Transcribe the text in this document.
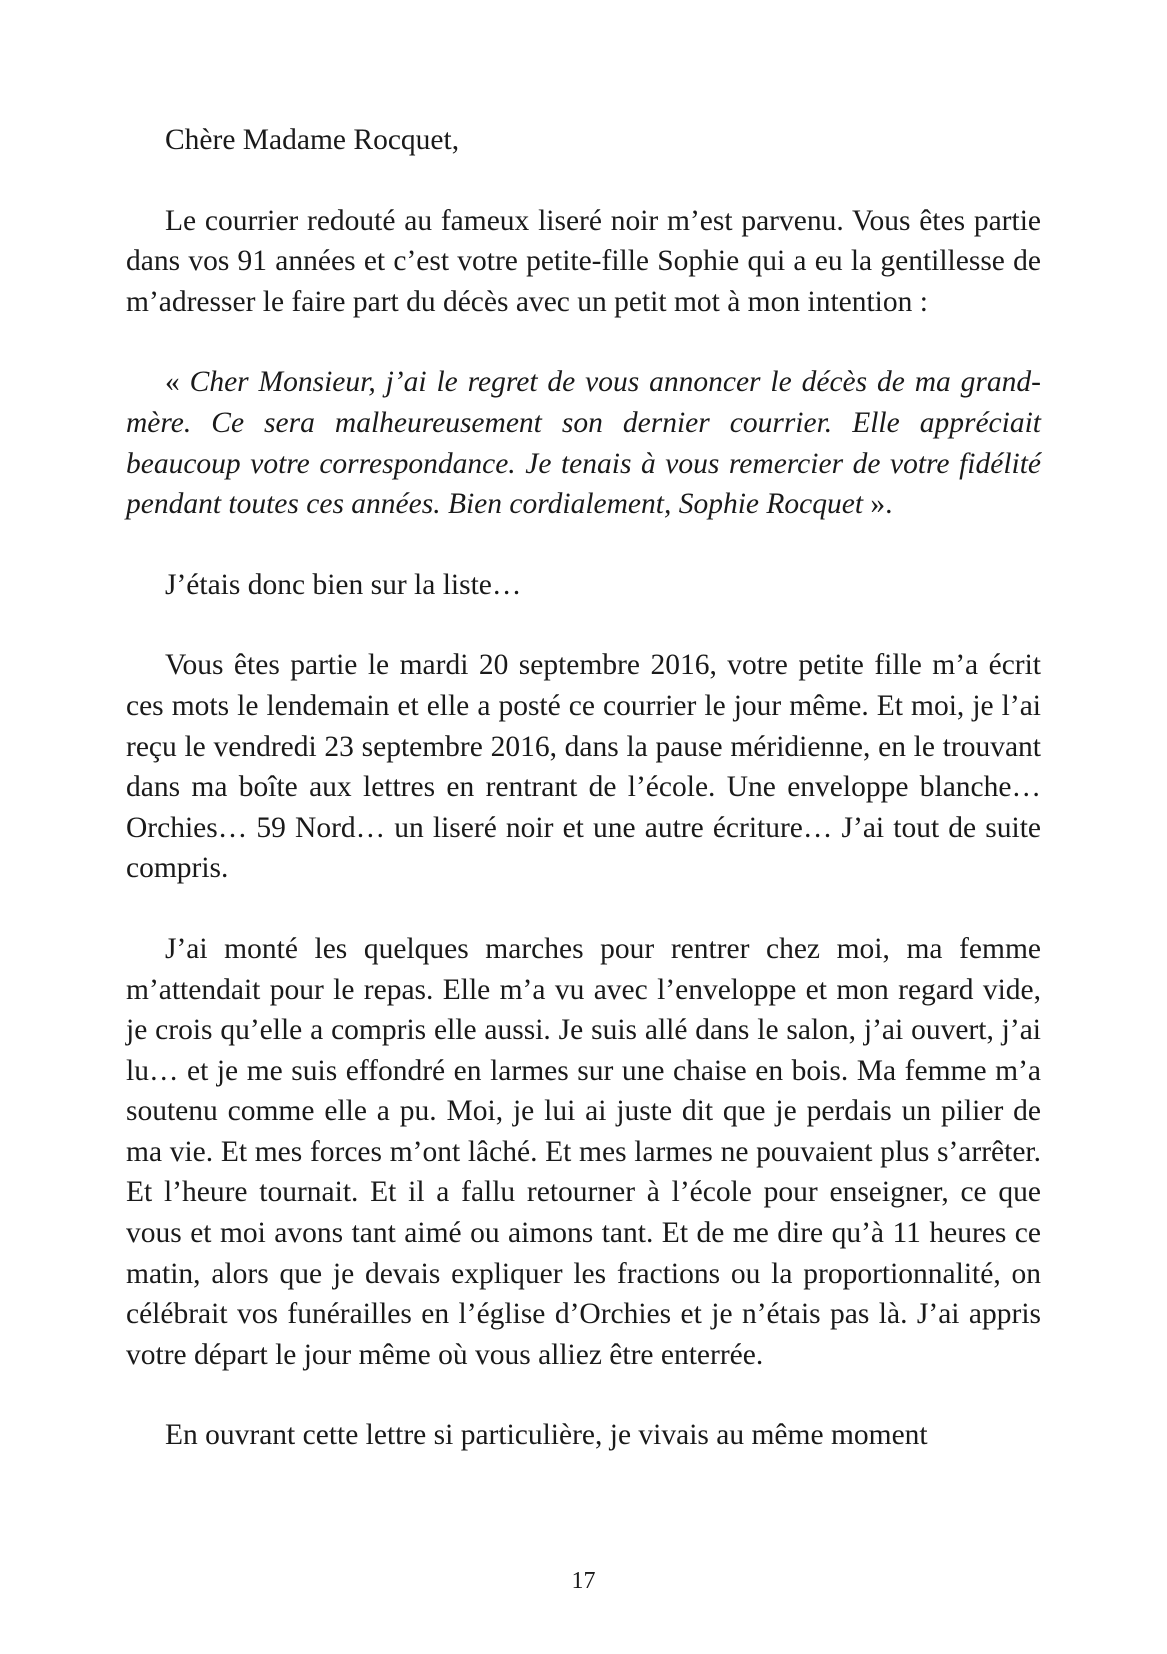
Chère Madame Rocquet,

Le courrier redouté au fameux liseré noir m’est parvenu. Vous êtes partie dans vos 91 années et c’est votre petite-fille Sophie qui a eu la gentillesse de m’adresser le faire part du décès avec un petit mot à mon intention :

« Cher Monsieur, j’ai le regret de vous annoncer le décès de ma grand-mère. Ce sera malheureusement son dernier courrier. Elle appréciait beaucoup votre correspondance. Je tenais à vous remercier de votre fidélité pendant toutes ces années. Bien cordialement, Sophie Rocquet ».

J’étais donc bien sur la liste…

Vous êtes partie le mardi 20 septembre 2016, votre petite fille m’a écrit ces mots le lendemain et elle a posté ce courrier le jour même. Et moi, je l’ai reçu le vendredi 23 septembre 2016, dans la pause méridienne, en le trouvant dans ma boîte aux lettres en rentrant de l’école. Une enveloppe blanche… Orchies… 59 Nord… un liseré noir et une autre écriture… J’ai tout de suite compris.

J’ai monté les quelques marches pour rentrer chez moi, ma femme m’attendait pour le repas. Elle m’a vu avec l’enveloppe et mon regard vide, je crois qu’elle a compris elle aussi. Je suis allé dans le salon, j’ai ouvert, j’ai lu… et je me suis effondré en larmes sur une chaise en bois. Ma femme m’a soutenu comme elle a pu. Moi, je lui ai juste dit que je perdais un pilier de ma vie. Et mes forces m’ont lâché. Et mes larmes ne pouvaient plus s’arrêter. Et l’heure tournait. Et il a fallu retourner à l’école pour enseigner, ce que vous et moi avons tant aimé ou aimons tant. Et de me dire qu’à 11 heures ce matin, alors que je devais expliquer les fractions ou la proportionnalité, on célébrait vos funérailles en l’église d’Orchies et je n’étais pas là. J’ai appris votre départ le jour même où vous alliez être enterrée.

En ouvrant cette lettre si particulière, je vivais au même moment

17
